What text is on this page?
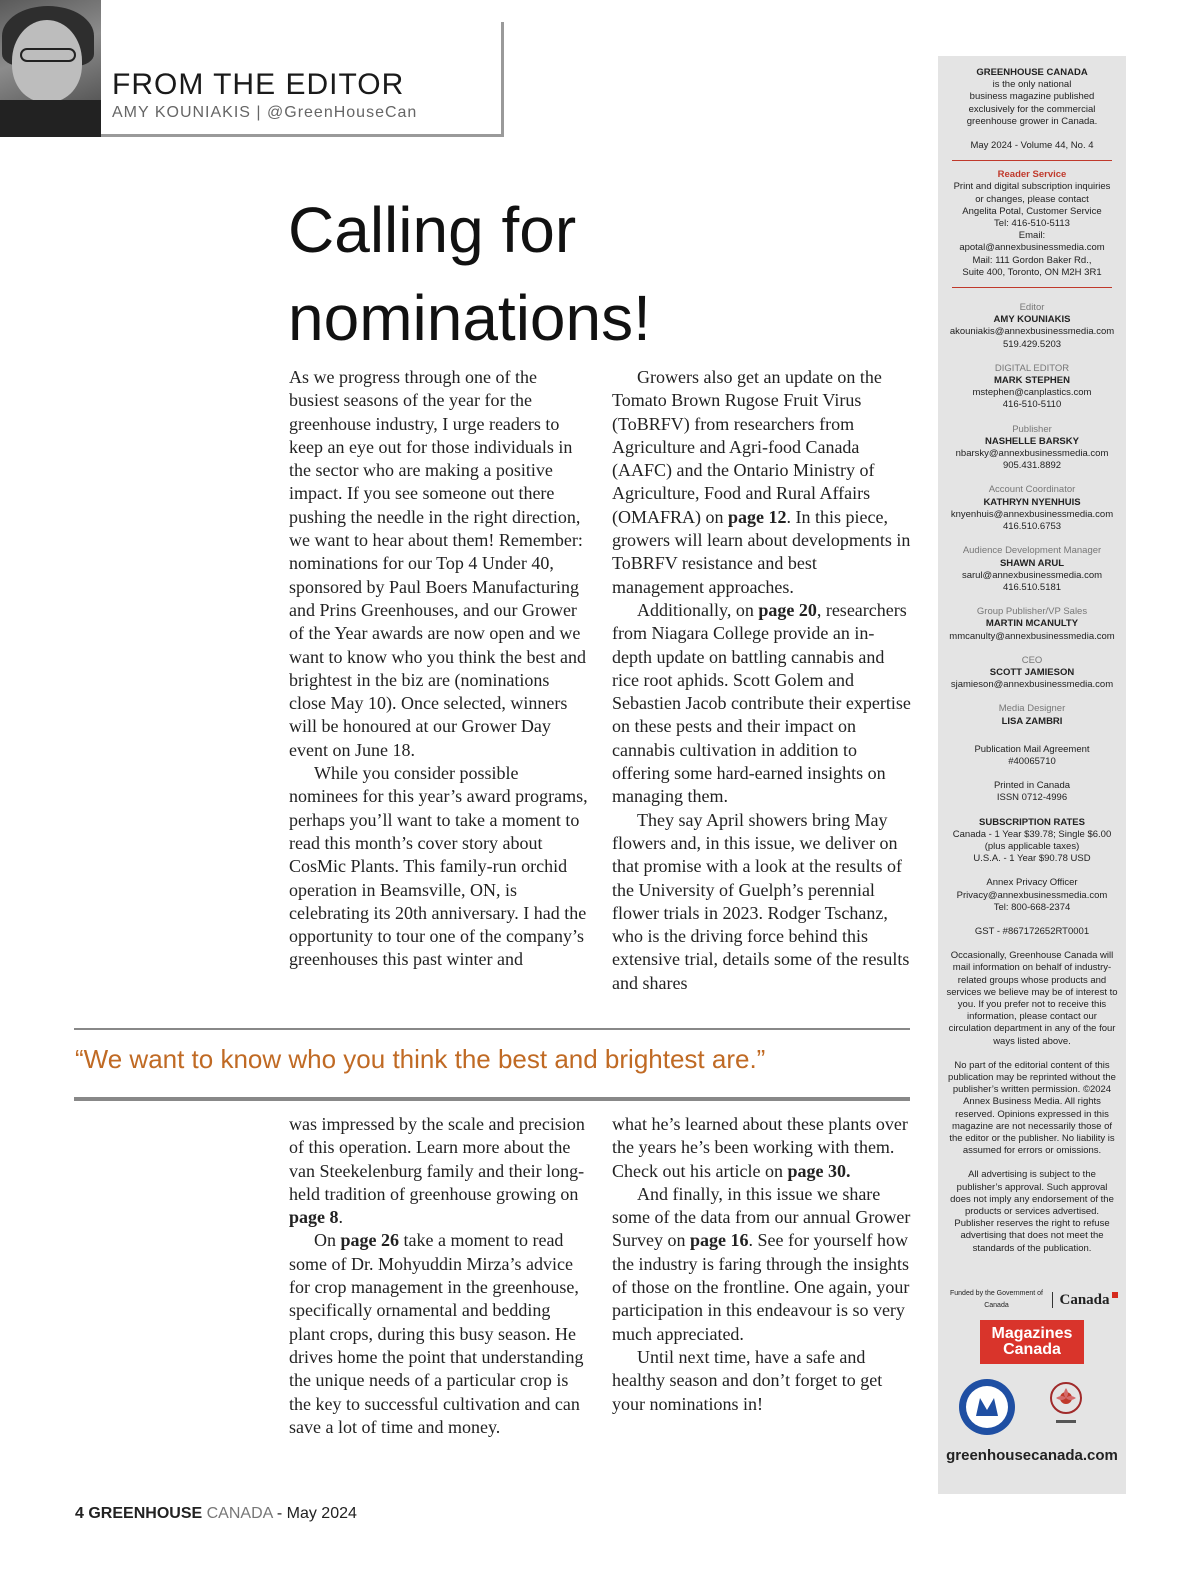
FROM THE EDITOR
AMY KOUNIAKIS | @GreenHouseCan
Calling for
nominations!

As we progress through one of the busiest seasons of the year for the greenhouse industry, I urge readers to keep an eye out for those individuals in the sector who are making a positive impact. If you see someone out there pushing the needle in the right direction, we want to hear about them! Remember: nominations for our Top 4 Under 40, sponsored by Paul Boers Manufacturing and Prins Greenhouses, and our Grower of the Year awards are now open and we want to know who you think the best and brightest in the biz are (nominations close May 10). Once selected, winners will be honoured at our Grower Day event on June 18.

While you consider possible nominees for this year’s award programs, perhaps you’ll want to take a moment to read this month’s cover story about CosMic Plants. This family-run orchid operation in Beamsville, ON, is celebrating its 20th anniversary. I had the opportunity to tour one of the company’s greenhouses this past winter and

Growers also get an update on the Tomato Brown Rugose Fruit Virus (ToBRFV) from researchers from Agriculture and Agri-food Canada (AAFC) and the Ontario Ministry of Agriculture, Food and Rural Affairs (OMAFRA) on page 12. In this piece, growers will learn about developments in ToBRFV resistance and best management approaches.

Additionally, on page 20, researchers from Niagara College provide an in-depth update on battling cannabis and rice root aphids. Scott Golem and Sebastien Jacob contribute their expertise on these pests and their impact on cannabis cultivation in addition to offering some hard-earned insights on managing them.

They say April showers bring May flowers and, in this issue, we deliver on that promise with a look at the results of the University of Guelph’s perennial flower trials in 2023. Rodger Tschanz, who is the driving force behind this extensive trial, details some of the results and shares

“We want to know who you think the best and brightest are.”

was impressed by the scale and precision of this operation. Learn more about the van Steekelenburg family and their long-held tradition of greenhouse growing on page 8.

On page 26 take a moment to read some of Dr. Mohyuddin Mirza’s advice for crop management in the greenhouse, specifically ornamental and bedding plant crops, during this busy season. He drives home the point that understanding the unique needs of a particular crop is the key to successful cultivation and can save a lot of time and money.

what he’s learned about these plants over the years he’s been working with them. Check out his article on page 30.

And finally, in this issue we share some of the data from our annual Grower Survey on page 16. See for yourself how the industry is faring through the insights of those on the frontline. One again, your participation in this endeavour is so very much appreciated.

Until next time, have a safe and healthy season and don’t forget to get your nominations in!

4 GREENHOUSE CANADA - May 2024
GREENHOUSE CANADA
is the only national
business magazine published
exclusively for the commercial
greenhouse grower in Canada.
May 2024 - Volume 44, No. 4
Reader Service
Print and digital subscription inquiries
or changes, please contact
Angelita Potal, Customer Service
Tel: 416-510-5113
Email: apotal@annexbusinessmedia.com
Mail: 111 Gordon Baker Rd.,
Suite 400, Toronto, ON M2H 3R1
Editor
AMY KOUNIAKIS
akouniakis@annexbusinessmedia.com
519.429.5203
DIGITAL EDITOR
MARK STEPHEN
mstephen@canplastics.com
416-510-5110
Publisher
NASHELLE BARSKY
nbarsky@annexbusinessmedia.com
905.431.8892
Account Coordinator
KATHRYN NYENHUIS
knyenhuis@annexbusinessmedia.com
416.510.6753
Audience Development Manager
SHAWN ARUL
sarul@annexbusinessmedia.com
416.510.5181
Group Publisher/VP Sales
MARTIN MCANULTY
mmcanulty@annexbusinessmedia.com
CEO
SCOTT JAMIESON
sjamieson@annexbusinessmedia.com
Media Designer
LISA ZAMBRI
Publication Mail Agreement
#40065710
Printed in Canada
ISSN 0712-4996
SUBSCRIPTION RATES
Canada - 1 Year $39.78; Single $6.00
(plus applicable taxes)
U.S.A. - 1 Year $90.78 USD
Annex Privacy Officer
Privacy@annexbusinessmedia.com
Tel: 800-668-2374
GST - #867172652RT0001
Occasionally, Greenhouse Canada will mail information on behalf of industry-related groups whose products and services we believe may be of interest to you. If you prefer not to receive this information, please contact our circulation department in any of the four ways listed above.
No part of the editorial content of this publication may be reprinted without the publisher’s written permission. ©2024 Annex Business Media. All rights reserved. Opinions expressed in this magazine are not necessarily those of the editor or the publisher. No liability is assumed for errors or omissions.
All advertising is subject to the publisher’s approval. Such approval does not imply any endorsement of the products or services advertised. Publisher reserves the right to refuse advertising that does not meet the standards of the publication.
Funded by the Government of Canada	Canada
Magazines
Canada
greenhousecanada.com
